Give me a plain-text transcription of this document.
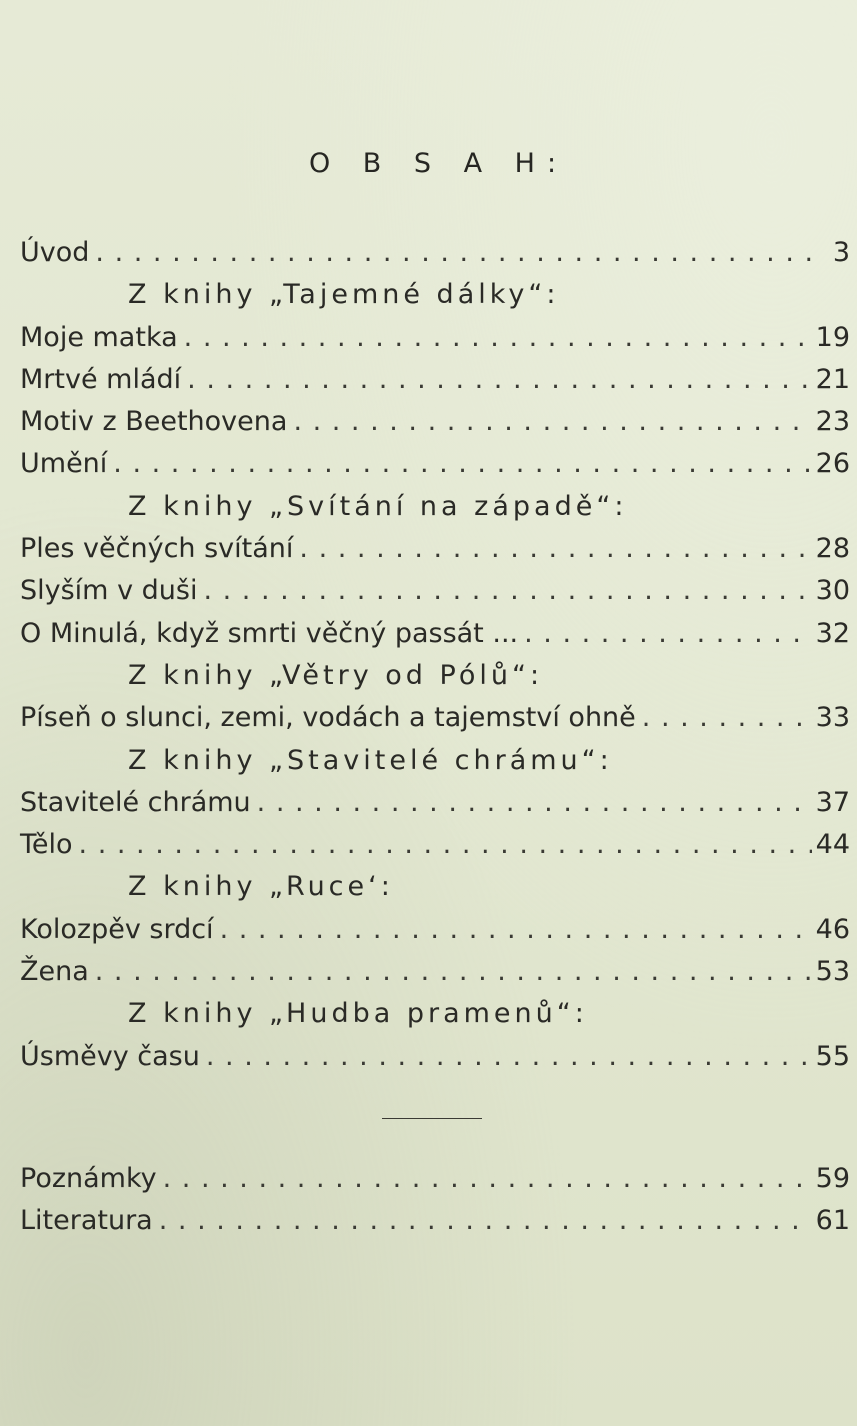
O B S A H:
Úvod . . .	3
Z knihy „Tajemné dálky“:
Moje matka . . .	19
Mrtvé mládí . . .	21
Motiv z Beethovena . . .	23
Umění . . .	26
Z knihy „Svítání na západě“:
Ples věčných svítání . . .	28
Slyším v duši . . .	30
O Minulá, když smrti věčný passát ... . . .	32
Z knihy „Větry od Pólů“:
Píseň o slunci, zemi, vodách a tajemství ohně . . .	33
Z knihy „Stavitelé chrámu“:
Stavitelé chrámu . . .	37
Tělo . . .	44
Z knihy „Ruce‘:
Kolozpěv srdcí . . .	46
Žena . . .	53
Z knihy „Hudba pramenů“:
Úsměvy času . . .	55
Poznámky . . .	59
Literatura . . .	61
